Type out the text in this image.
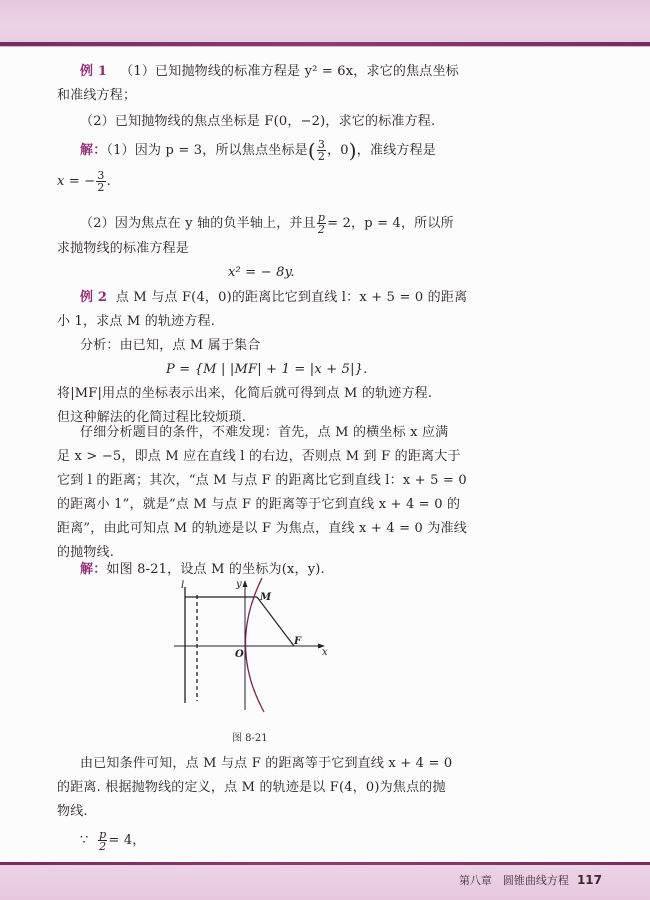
例 1 （1）已知抛物线的标准方程是 y² = 6x，求它的焦点坐标
和准线方程；
（2）已知抛物线的焦点坐标是 F(0，−2)，求它的标准方程.
解：（1）因为 p = 3，所以焦点坐标是( $\frac{3}{2}$ ，0)，准线方程是
x = − $\frac{3}{2}$ .
（2）因为焦点在 y 轴的负半轴上，并且 $\frac{p}{2} = 2$，p = 4，所以所
求抛物线的标准方程是
x² = − 8y.
例 2 点 M 与点 F(4，0)的距离比它到直线 l：x + 5 = 0 的距离
小 1，求点 M 的轨迹方程.
分析：由已知，点 M 属于集合
P = {M | |MF| + 1 = |x + 5|}.
将|MF|用点的坐标表示出来，化简后就可得到点 M 的轨迹方程.
但这种解法的化简过程比较烦琐.
仔细分析题目的条件，不难发现：首先，点 M 的横坐标 x 应满
足 x > −5，即点 M 应在直线 l 的右边，否则点 M 到 F 的距离大于
它到 l 的距离；其次，“点 M 与点 F 的距离比它到直线 l：x + 5 = 0
的距离小 1”，就是“点 M 与点 F 的距离等于它到直线 x + 4 = 0 的
距离”，由此可知点 M 的轨迹是以 F 为焦点，直线 x + 4 = 0 为准线
的抛物线.
解：如图 8-21，设点 M 的坐标为(x，y).
l	y
x
O
M
F
图 8-21
由已知条件可知，点 M 与点 F 的距离等于它到直线 x + 4 = 0
的距离. 根据抛物线的定义，点 M 的轨迹是以 F(4，0)为焦点的抛
物线.
∵ $\frac{p}{2} = 4$，
第八章　圆锥曲线方程 117
